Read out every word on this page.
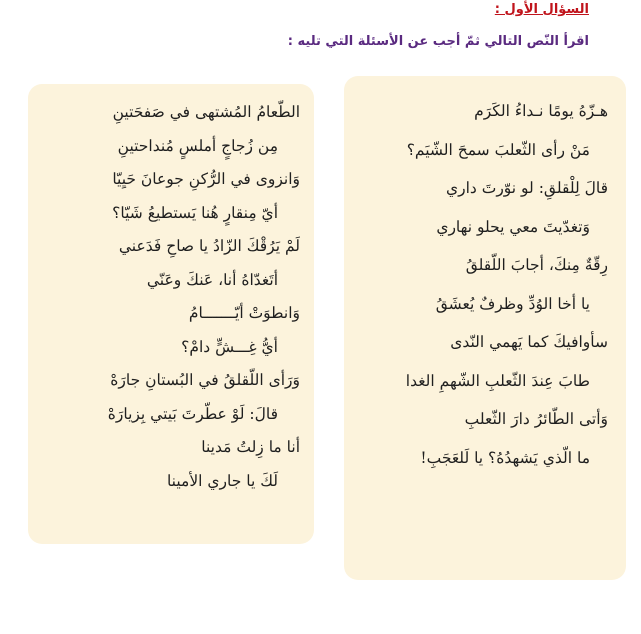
السؤال الأول :
اقرأ النّص التالي ثمّ أجب عن الأسئلة التي تليه :
هـزّهُ يومًا نـداءُ الكَرَم
مَنْ رأى الثّعلبَ سمحَ الشّيَم؟
قالَ لِلْقلقِ: لو نوّرتَ داري
وَتغدّيتَ معي يحلو نهاري
رِقّةٌ مِنكَ، أجابَ اللّقلقُ
يا أخا الوُدِّ وظرفٌ يُعشَقُ
سأوافيكَ كما يَهمي النّدى
طابَ عِندَ الثّعلبِ الشّهمِ الغدا
وَأتى الطّائرُ دارَ الثّعلبِ
ما الّذي يَشهدُهُ؟ يا لَلعَجَبِ!
الطّعامُ المُشتهى في صَفحَتينِ
مِن زُجاجٍ أملسٍ مُنداحتينِ
وَانزوى في الرُّكنِ جوعانَ حَيِيّا
أيّ مِنقارٍ هُنا يَستطيعُ شَيّا؟
لَمْ يَرُقْكَ الزّادُ يا صاحِ فَدَعني
أتَغدّاهُ أنا، عَنكَ وعَنّي
وَانطوَتْ أيّـــــــامُ
أيُّ غِـــشٍّ دامْ؟
وَرَأى اللّقلقُ في البُستانِ جارَهْ
قالَ: لَوْ عطّرتَ بَيتي بِزيارَهْ
أنا ما زِلتُ مَدينا
لَكَ يا جاري الأمينا
